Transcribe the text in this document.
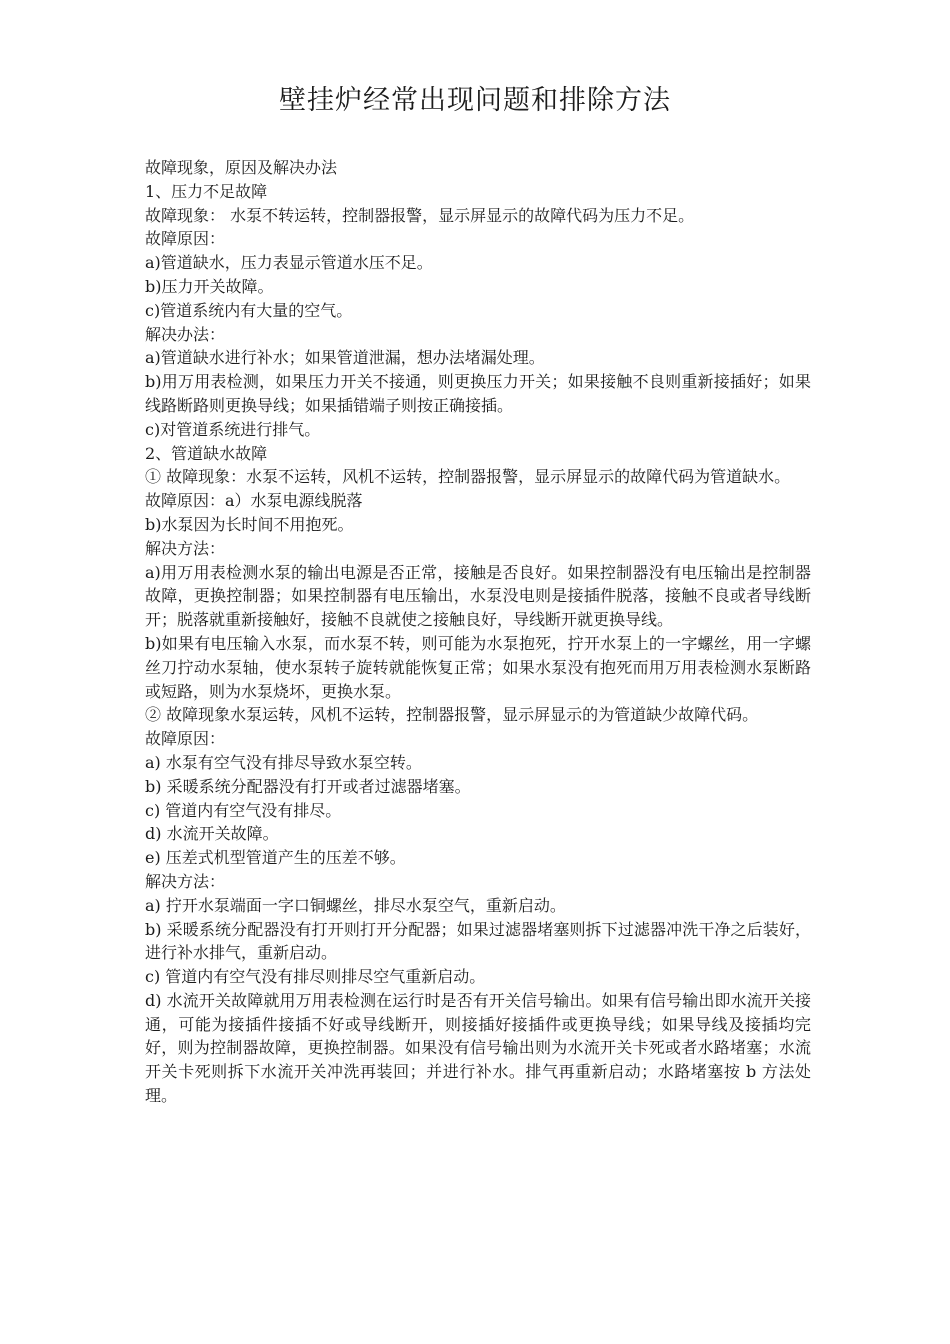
壁挂炉经常出现问题和排除方法

故障现象，原因及解决办法

1、压力不足故障

故障现象： 水泵不转运转，控制器报警，显示屏显示的故障代码为压力不足。

故障原因：

a)管道缺水，压力表显示管道水压不足。

b)压力开关故障。

c)管道系统内有大量的空气。

解决办法：

a)管道缺水进行补水；如果管道泄漏，想办法堵漏处理。

b)用万用表检测，如果压力开关不接通，则更换压力开关；如果接触不良则重新接插好；如果线路断路则更换导线；如果插错端子则按正确接插。

c)对管道系统进行排气。

2、管道缺水故障

① 故障现象：水泵不运转，风机不运转，控制器报警，显示屏显示的故障代码为管道缺水。

故障原因：a）水泵电源线脱落

b)水泵因为长时间不用抱死。

解决方法：

a)用万用表检测水泵的输出电源是否正常，接触是否良好。如果控制器没有电压输出是控制器故障，更换控制器；如果控制器有电压输出，水泵没电则是接插件脱落，接触不良或者导线断开；脱落就重新接触好，接触不良就使之接触良好，导线断开就更换导线。

b)如果有电压输入水泵，而水泵不转，则可能为水泵抱死，拧开水泵上的一字螺丝，用一字螺丝刀拧动水泵轴，使水泵转子旋转就能恢复正常；如果水泵没有抱死而用万用表检测水泵断路或短路，则为水泵烧坏，更换水泵。

② 故障现象水泵运转，风机不运转，控制器报警，显示屏显示的为管道缺少故障代码。

故障原因：

a) 水泵有空气没有排尽导致水泵空转。

b) 采暖系统分配器没有打开或者过滤器堵塞。

c) 管道内有空气没有排尽。

d) 水流开关故障。

e) 压差式机型管道产生的压差不够。

解决方法：

a) 拧开水泵端面一字口铜螺丝，排尽水泵空气，重新启动。

b) 采暖系统分配器没有打开则打开分配器；如果过滤器堵塞则拆下过滤器冲洗干净之后装好，进行补水排气，重新启动。

c) 管道内有空气没有排尽则排尽空气重新启动。

d) 水流开关故障就用万用表检测在运行时是否有开关信号输出。如果有信号输出即水流开关接通，可能为接插件接插不好或导线断开，则接插好接插件或更换导线；如果导线及接插均完好，则为控制器故障，更换控制器。如果没有信号输出则为水流开关卡死或者水路堵塞；水流开关卡死则拆下水流开关冲洗再装回；并进行补水。排气再重新启动；水路堵塞按 b 方法处理。
